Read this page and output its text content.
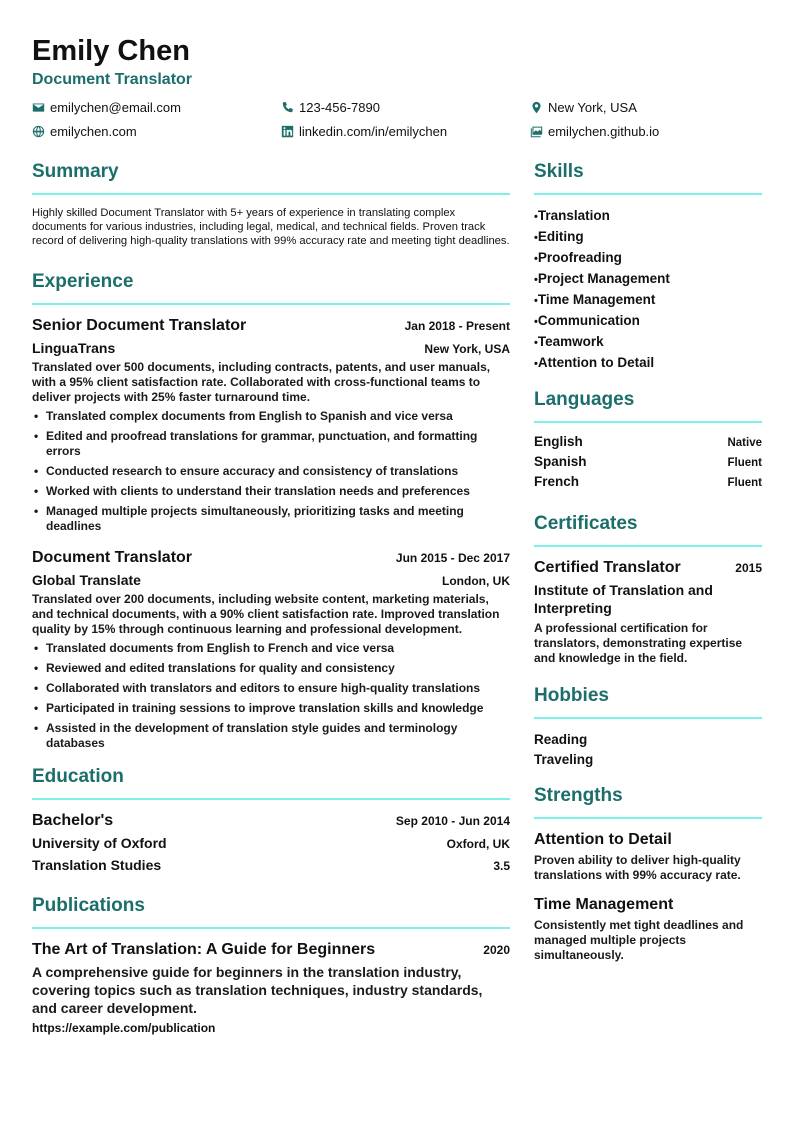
Emily Chen
Document Translator
emilychen@email.com	123-456-7890	New York, USA
emilychen.com	linkedin.com/in/emilychen	emilychen.github.io
Summary
Highly skilled Document Translator with 5+ years of experience in translating complex documents for various industries, including legal, medical, and technical fields. Proven track record of delivering high-quality translations with 99% accuracy rate and meeting tight deadlines.
Experience
Senior Document Translator	Jan 2018 - Present
LinguaTrans	New York, USA
Translated over 500 documents, including contracts, patents, and user manuals, with a 95% client satisfaction rate. Collaborated with cross-functional teams to deliver projects with 25% faster turnaround time.
• Translated complex documents from English to Spanish and vice versa
• Edited and proofread translations for grammar, punctuation, and formatting errors
• Conducted research to ensure accuracy and consistency of translations
• Worked with clients to understand their translation needs and preferences
• Managed multiple projects simultaneously, prioritizing tasks and meeting deadlines
Document Translator	Jun 2015 - Dec 2017
Global Translate	London, UK
Translated over 200 documents, including website content, marketing materials, and technical documents, with a 90% client satisfaction rate. Improved translation quality by 15% through continuous learning and professional development.
• Translated documents from English to French and vice versa
• Reviewed and edited translations for quality and consistency
• Collaborated with translators and editors to ensure high-quality translations
• Participated in training sessions to improve translation skills and knowledge
• Assisted in the development of translation style guides and terminology databases
Education
Bachelor's	Sep 2010 - Jun 2014
University of Oxford	Oxford, UK
Translation Studies	3.5
Publications
The Art of Translation: A Guide for Beginners	2020
A comprehensive guide for beginners in the translation industry, covering topics such as translation techniques, industry standards, and career development.
https://example.com/publication
Skills
• Translation
• Editing
• Proofreading
• Project Management
• Time Management
• Communication
• Teamwork
• Attention to Detail
Languages
English	Native
Spanish	Fluent
French	Fluent
Certificates
Certified Translator	2015
Institute of Translation and Interpreting
A professional certification for translators, demonstrating expertise and knowledge in the field.
Hobbies
Reading
Traveling
Strengths
Attention to Detail
Proven ability to deliver high-quality translations with 99% accuracy rate.
Time Management
Consistently met tight deadlines and managed multiple projects simultaneously.
